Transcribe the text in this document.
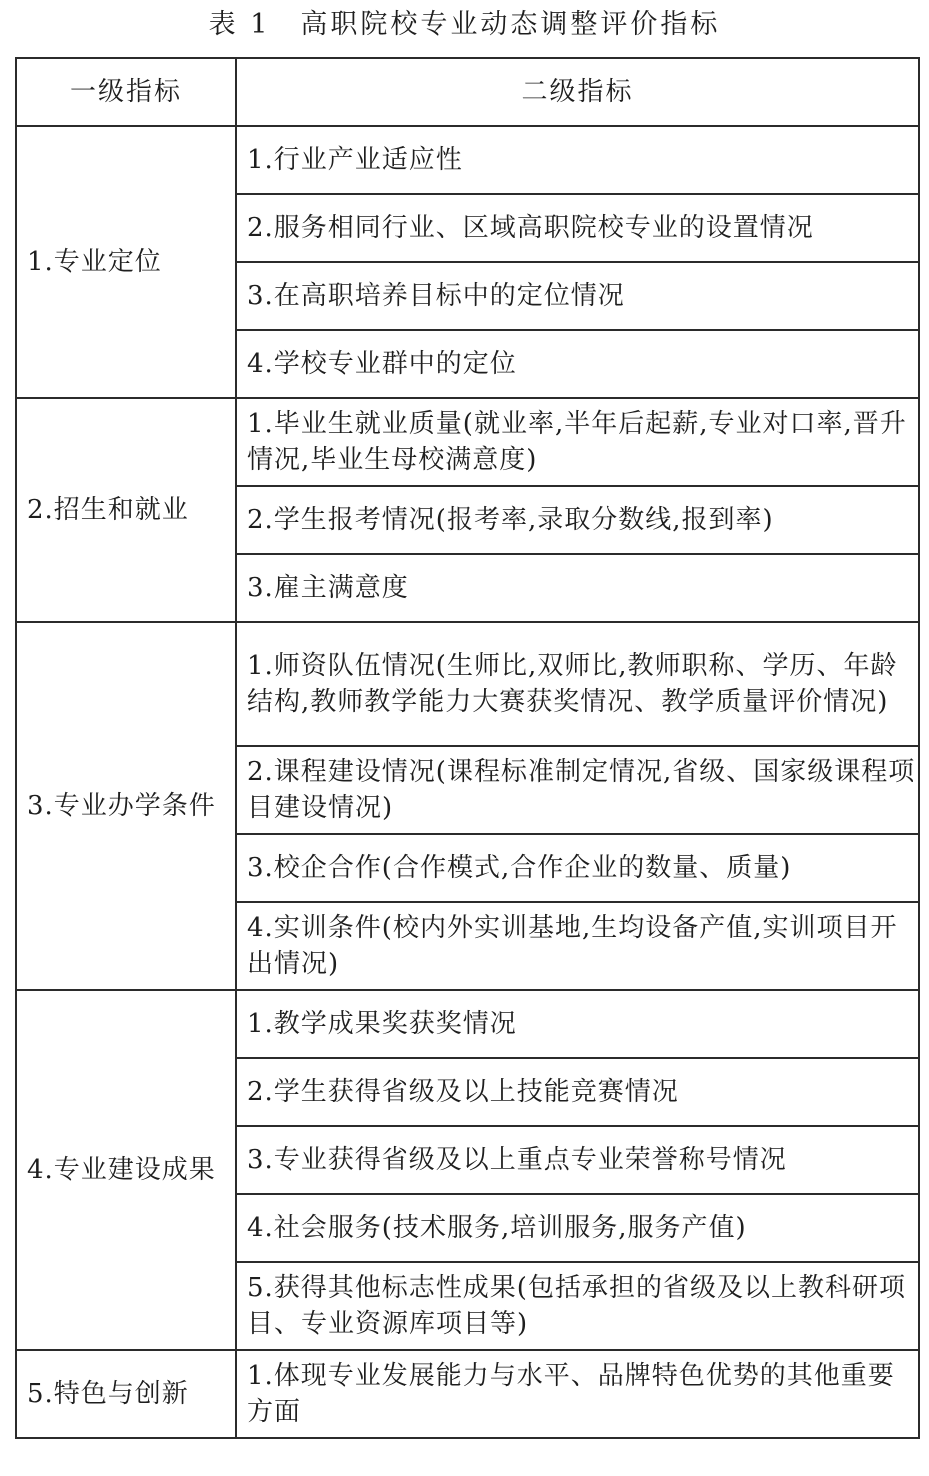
表 1　高职院校专业动态调整评价指标
一级指标	二级指标
1.专业定位	1.行业产业适应性
	2.服务相同行业、区域高职院校专业的设置情况
	3.在高职培养目标中的定位情况
	4.学校专业群中的定位
2.招生和就业	1.毕业生就业质量(就业率,半年后起薪,专业对口率,晋升情况,毕业生母校满意度)
	2.学生报考情况(报考率,录取分数线,报到率)
	3.雇主满意度
3.专业办学条件	1.师资队伍情况(生师比,双师比,教师职称、学历、年龄结构,教师教学能力大赛获奖情况、教学质量评价情况)
	2.课程建设情况(课程标准制定情况,省级、国家级课程项目建设情况)
	3.校企合作(合作模式,合作企业的数量、质量)
	4.实训条件(校内外实训基地,生均设备产值,实训项目开出情况)
4.专业建设成果	1.教学成果奖获奖情况
	2.学生获得省级及以上技能竞赛情况
	3.专业获得省级及以上重点专业荣誉称号情况
	4.社会服务(技术服务,培训服务,服务产值)
	5.获得其他标志性成果(包括承担的省级及以上教科研项目、专业资源库项目等)
5.特色与创新	1.体现专业发展能力与水平、品牌特色优势的其他重要方面
